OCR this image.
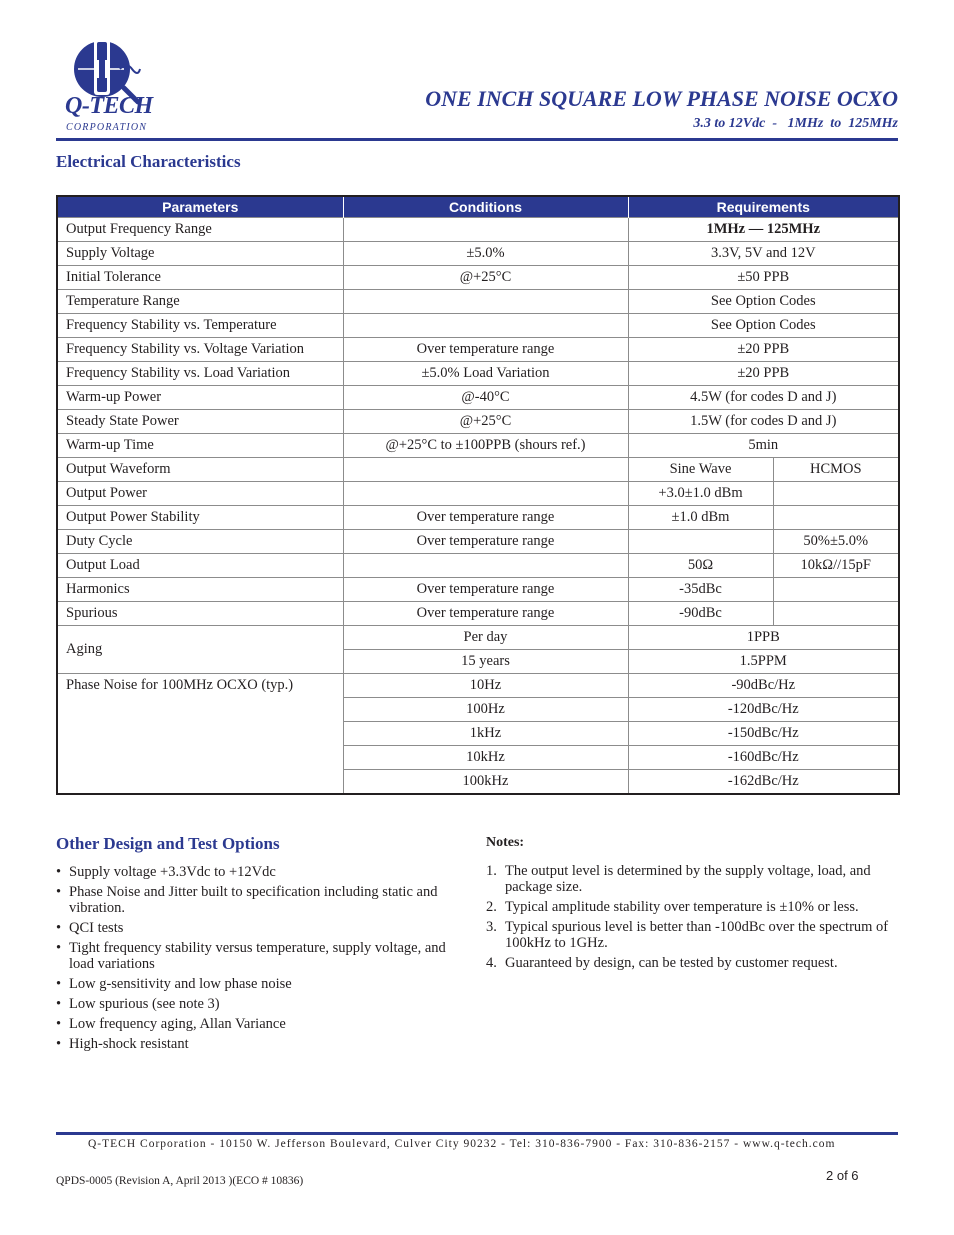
Q-TECH
CORPORATION
ONE INCH SQUARE LOW PHASE NOISE OCXO
3.3 to 12Vdc  -   1MHz  to  125MHz
Electrical Characteristics
Parameters	Conditions	Requirements	
Output Frequency Range		1MHz — 125MHz	
Supply Voltage	±5.0%	3.3V, 5V and 12V	
Initial Tolerance	@+25°C	±50 PPB	
Temperature Range		See Option Codes	
Frequency Stability vs. Temperature		See Option Codes	
Frequency Stability vs. Voltage Variation	Over temperature range	±20 PPB	
Frequency Stability vs. Load Variation	±5.0% Load Variation	±20 PPB	
Warm-up Power	@-40°C	4.5W (for codes D and J)	
Steady State Power	@+25°C	1.5W (for codes D and J)	
Warm-up Time	@+25°C to ±100PPB (shours ref.)	5min	
Output Waveform		Sine Wave	HCMOS
Output Power		+3.0±1.0 dBm	
Output Power Stability	Over temperature range	±1.0 dBm	
Duty Cycle	Over temperature range		50%±5.0%
Output Load		50Ω	10kΩ//15pF
Harmonics	Over temperature range	-35dBc	
Spurious	Over temperature range	-90dBc	
Aging	Per day	1PPB	
	15 years	1.5PPM	
Phase Noise for 100MHz OCXO (typ.)	10Hz	-90dBc/Hz	
	100Hz	-120dBc/Hz	
	1kHz	-150dBc/Hz	
	10kHz	-160dBc/Hz	
	100kHz	-162dBc/Hz	
Other Design and Test Options
• Supply voltage +3.3Vdc to +12Vdc
• Phase Noise and Jitter built to specification including static and vibration.
• QCI tests
• Tight frequency stability versus temperature, supply voltage, and load variations
• Low g-sensitivity and low phase noise
• Low spurious (see note 3)
• Low frequency aging, Allan Variance
• High-shock resistant
Notes:
1. The output level is determined by the supply voltage, load, and package size.
2. Typical amplitude stability over temperature is ±10% or less.
3. Typical spurious level is better than -100dBc over the spectrum of 100kHz to 1GHz.
4. Guaranteed by design, can be tested by customer request.
Q-TECH Corporation - 10150 W. Jefferson Boulevard, Culver City 90232 - Tel: 310-836-7900 - Fax: 310-836-2157 - www.q-tech.com
QPDS-0005 (Revision A, April 2013 )(ECO # 10836)	2 of 6
